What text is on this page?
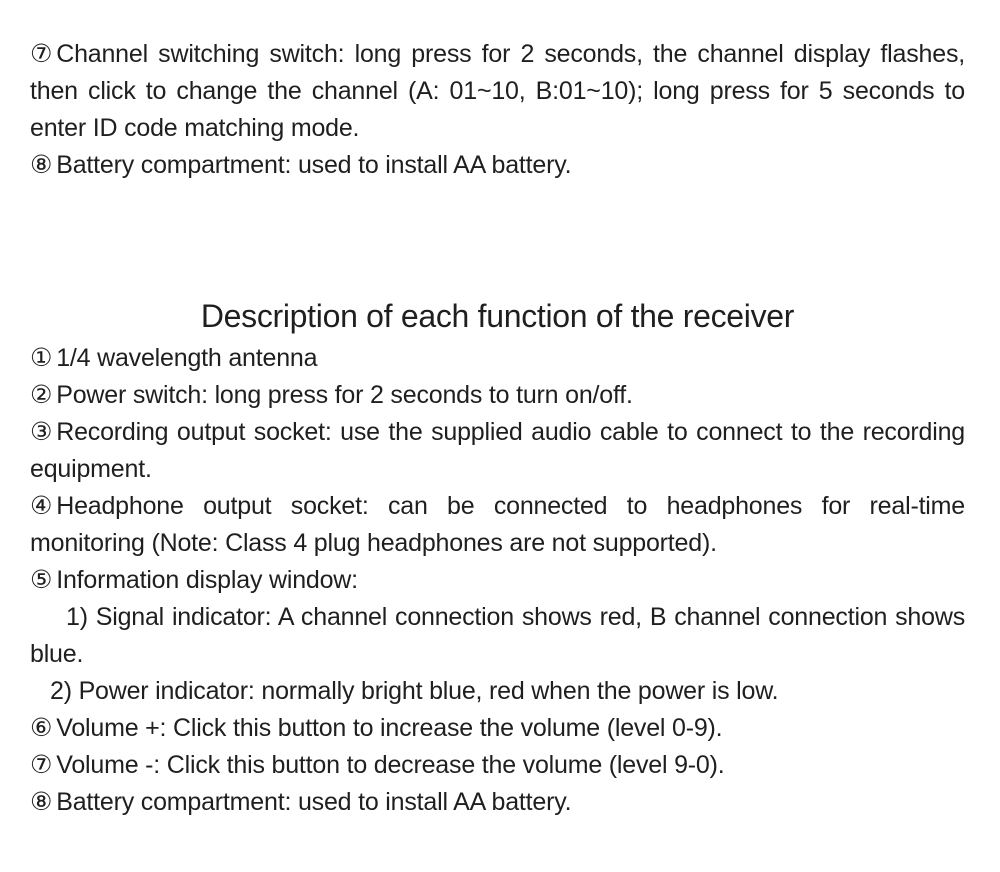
⑦ Channel switching switch: long press for 2 seconds, the channel display flashes, then click to change the channel (A: 01~10, B:01~10); long press for 5 seconds to enter ID code matching mode.

⑧ Battery compartment: used to install AA battery.

Description of each function of the receiver

① 1/4 wavelength antenna

② Power switch: long press for 2 seconds to turn on/off.

③ Recording output socket: use the supplied audio cable to connect to the recording equipment.

④ Headphone output socket: can be connected to headphones for real-time monitoring (Note: Class 4 plug headphones are not supported).

⑤ Information display window:

1) Signal indicator: A channel connection shows red, B channel connection shows blue.

2) Power indicator: normally bright blue, red when the power is low.

⑥ Volume +: Click this button to increase the volume (level 0-9).

⑦ Volume -: Click this button to decrease the volume (level 9-0).

⑧ Battery compartment: used to install AA battery.
